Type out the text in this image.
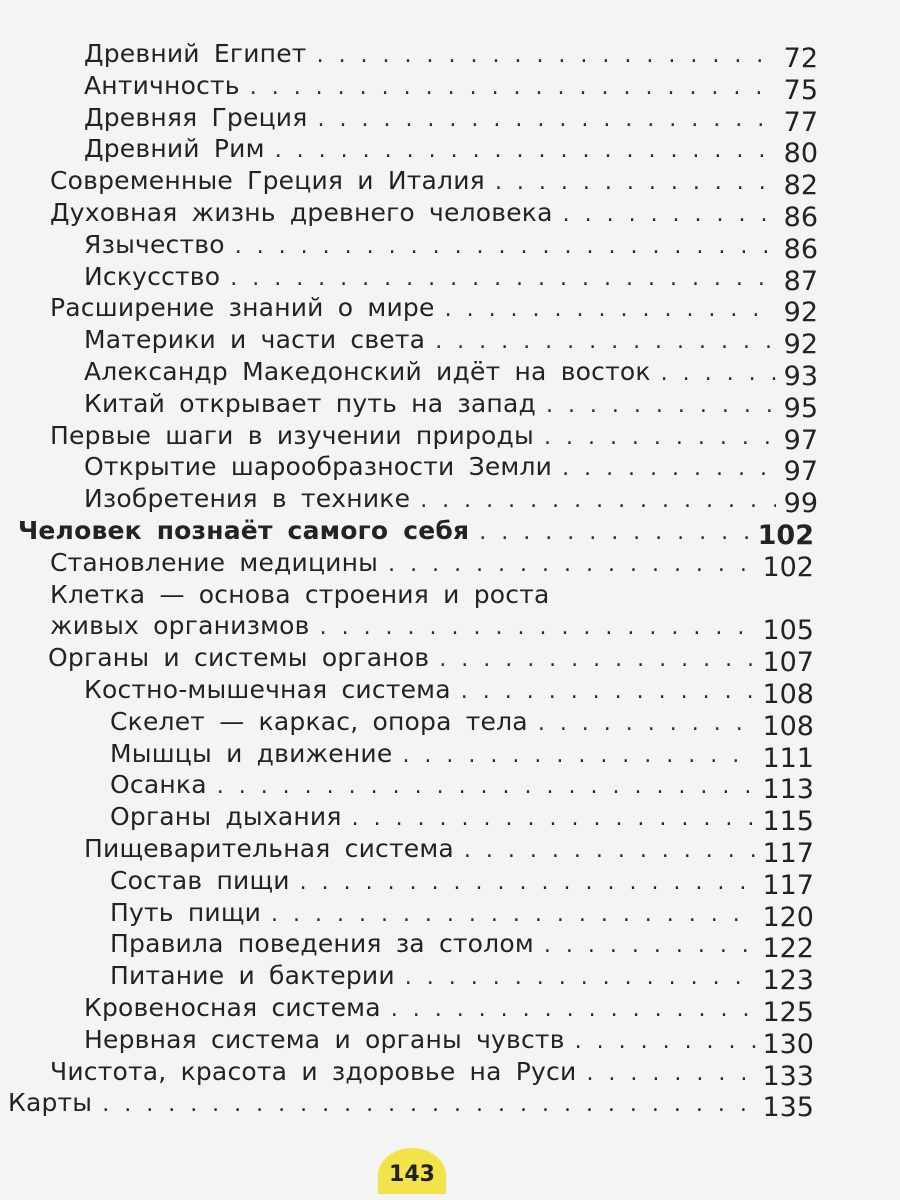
Древний Египет . . .	72
Античность . . .	75
Древняя Греция . . .	77
Древний Рим . . .	80
Современные Греция и Италия . . .	82
Духовная жизнь древнего человека . . .	86
Язычество . . .	86
Искусство . . .	87
Расширение знаний о мире . . .	92
Материки и части света . . .	92
Александр Македонский идёт на восток . . .	93
Китай открывает путь на запад . . .	95
Первые шаги в изучении природы . . .	97
Открытие шарообразности Земли . . .	97
Изобретения в технике . . .	99
Человек познаёт самого себя . . .	102
Становление медицины . . .	102
Клетка — основа строения и роста
живых организмов . . .	105
Органы и системы органов . . .	107
Костно-мышечная система . . .	108
Скелет — каркас, опора тела . . .	108
Мышцы и движение . . .	111
Осанка . . .	113
Органы дыхания . . .	115
Пищеварительная система . . .	117
Состав пищи . . .	117
Путь пищи . . .	120
Правила поведения за столом . . .	122
Питание и бактерии . . .	123
Кровеносная система . . .	125
Нервная система и органы чувств . . .	130
Чистота, красота и здоровье на Руси . . .	133
Карты . . .	135
143
